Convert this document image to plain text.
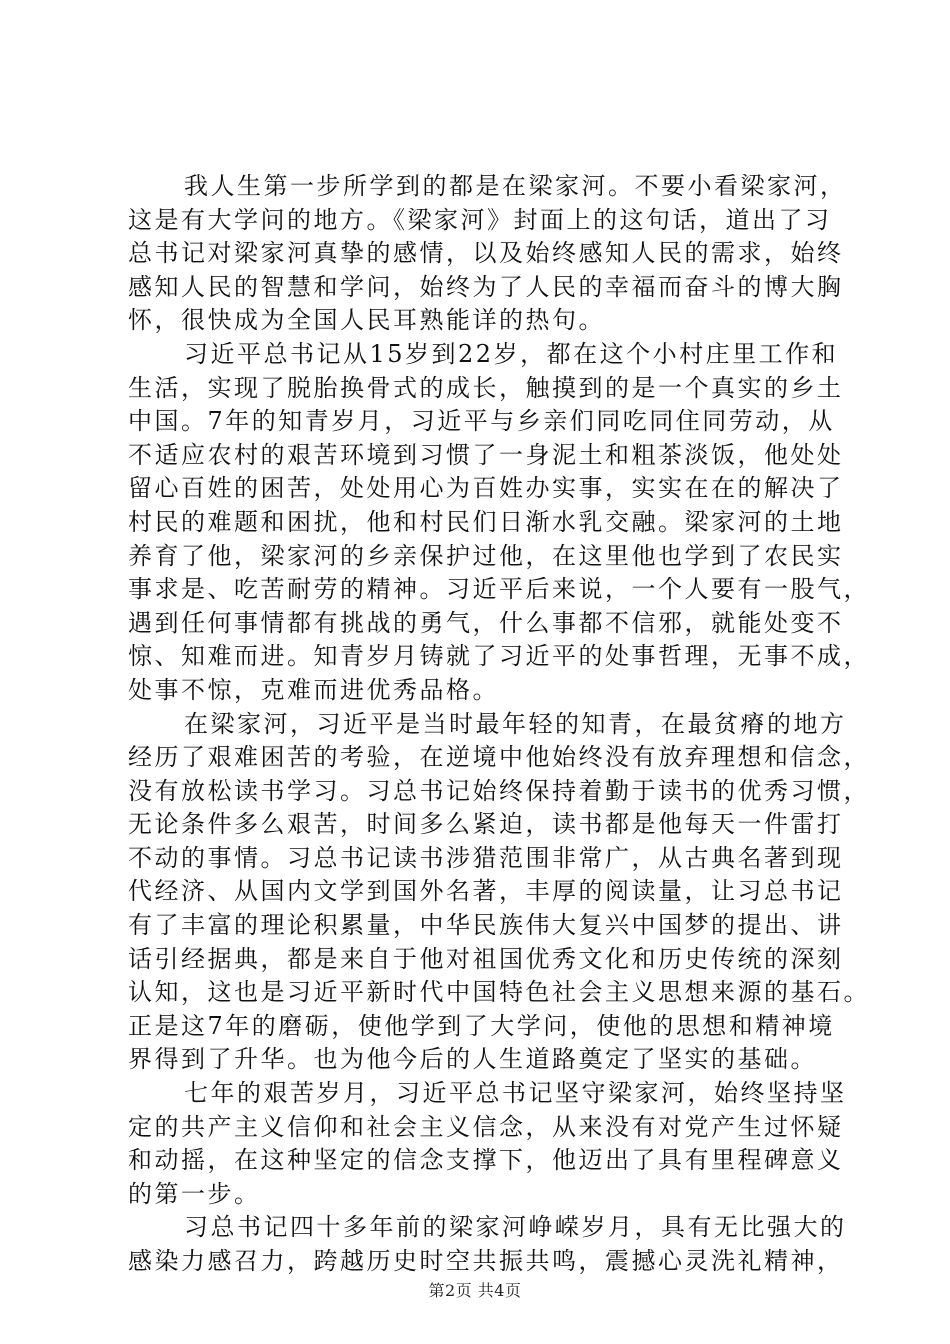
我人生第一步所学到的都是在梁家河。不要小看梁家河，
这是有大学问的地方。《梁家河》封面上的这句话，道出了习
总书记对梁家河真挚的感情，以及始终感知人民的需求，始终
感知人民的智慧和学问，始终为了人民的幸福而奋斗的博大胸
怀，很快成为全国人民耳熟能详的热句。
习近平总书记从15岁到22岁，都在这个小村庄里工作和
生活，实现了脱胎换骨式的成长，触摸到的是一个真实的乡土
中国。7年的知青岁月，习近平与乡亲们同吃同住同劳动，从
不适应农村的艰苦环境到习惯了一身泥土和粗茶淡饭，他处处
留心百姓的困苦，处处用心为百姓办实事，实实在在的解决了
村民的难题和困扰，他和村民们日渐水乳交融。梁家河的土地
养育了他，梁家河的乡亲保护过他，在这里他也学到了农民实
事求是、吃苦耐劳的精神。习近平后来说，一个人要有一股气，
遇到任何事情都有挑战的勇气，什么事都不信邪，就能处变不
惊、知难而进。知青岁月铸就了习近平的处事哲理，无事不成，
处事不惊，克难而进优秀品格。
在梁家河，习近平是当时最年轻的知青，在最贫瘠的地方
经历了艰难困苦的考验，在逆境中他始终没有放弃理想和信念，
没有放松读书学习。习总书记始终保持着勤于读书的优秀习惯，
无论条件多么艰苦，时间多么紧迫，读书都是他每天一件雷打
不动的事情。习总书记读书涉猎范围非常广，从古典名著到现
代经济、从国内文学到国外名著，丰厚的阅读量，让习总书记
有了丰富的理论积累量，中华民族伟大复兴中国梦的提出、讲
话引经据典，都是来自于他对祖国优秀文化和历史传统的深刻
认知，这也是习近平新时代中国特色社会主义思想来源的基石。
正是这7年的磨砺，使他学到了大学问，使他的思想和精神境
界得到了升华。也为他今后的人生道路奠定了坚实的基础。
七年的艰苦岁月，习近平总书记坚守梁家河，始终坚持坚
定的共产主义信仰和社会主义信念，从来没有对党产生过怀疑
和动摇，在这种坚定的信念支撑下，他迈出了具有里程碑意义
的第一步。
习总书记四十多年前的梁家河峥嵘岁月，具有无比强大的
感染力感召力，跨越历史时空共振共鸣，震撼心灵洗礼精神，
第2页 共4页
